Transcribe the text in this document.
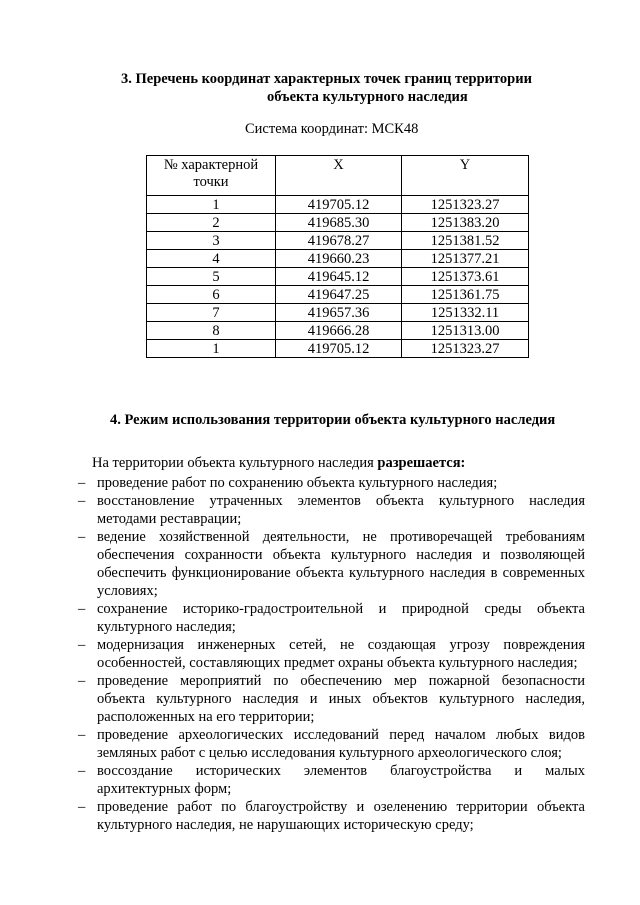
3. Перечень координат характерных точек границ территории
объекта культурного наследия
Система координат: МСК48
№ характерной точки	X	Y
1	419705.12	1251323.27
2	419685.30	1251383.20
3	419678.27	1251381.52
4	419660.23	1251377.21
5	419645.12	1251373.61
6	419647.25	1251361.75
7	419657.36	1251332.11
8	419666.28	1251313.00
1	419705.12	1251323.27
4. Режим использования территории объекта культурного наследия
На территории объекта культурного наследия разрешается:
– проведение работ по сохранению объекта культурного наследия;
– восстановление утраченных элементов объекта культурного наследия методами реставрации;
– ведение хозяйственной деятельности, не противоречащей требованиям обеспечения сохранности объекта культурного наследия и позволяющей обеспечить функционирование объекта культурного наследия в современных условиях;
– сохранение историко-градостроительной и природной среды объекта культурного наследия;
– модернизация инженерных сетей, не создающая угрозу повреждения особенностей, составляющих предмет охраны объекта культурного наследия;
– проведение мероприятий по обеспечению мер пожарной безопасности объекта культурного наследия и иных объектов культурного наследия, расположенных на его территории;
– проведение археологических исследований перед началом любых видов земляных работ с целью исследования культурного археологического слоя;
– воссоздание исторических элементов благоустройства и малых архитектурных форм;
– проведение работ по благоустройству и озеленению территории объекта культурного наследия, не нарушающих историческую среду;
